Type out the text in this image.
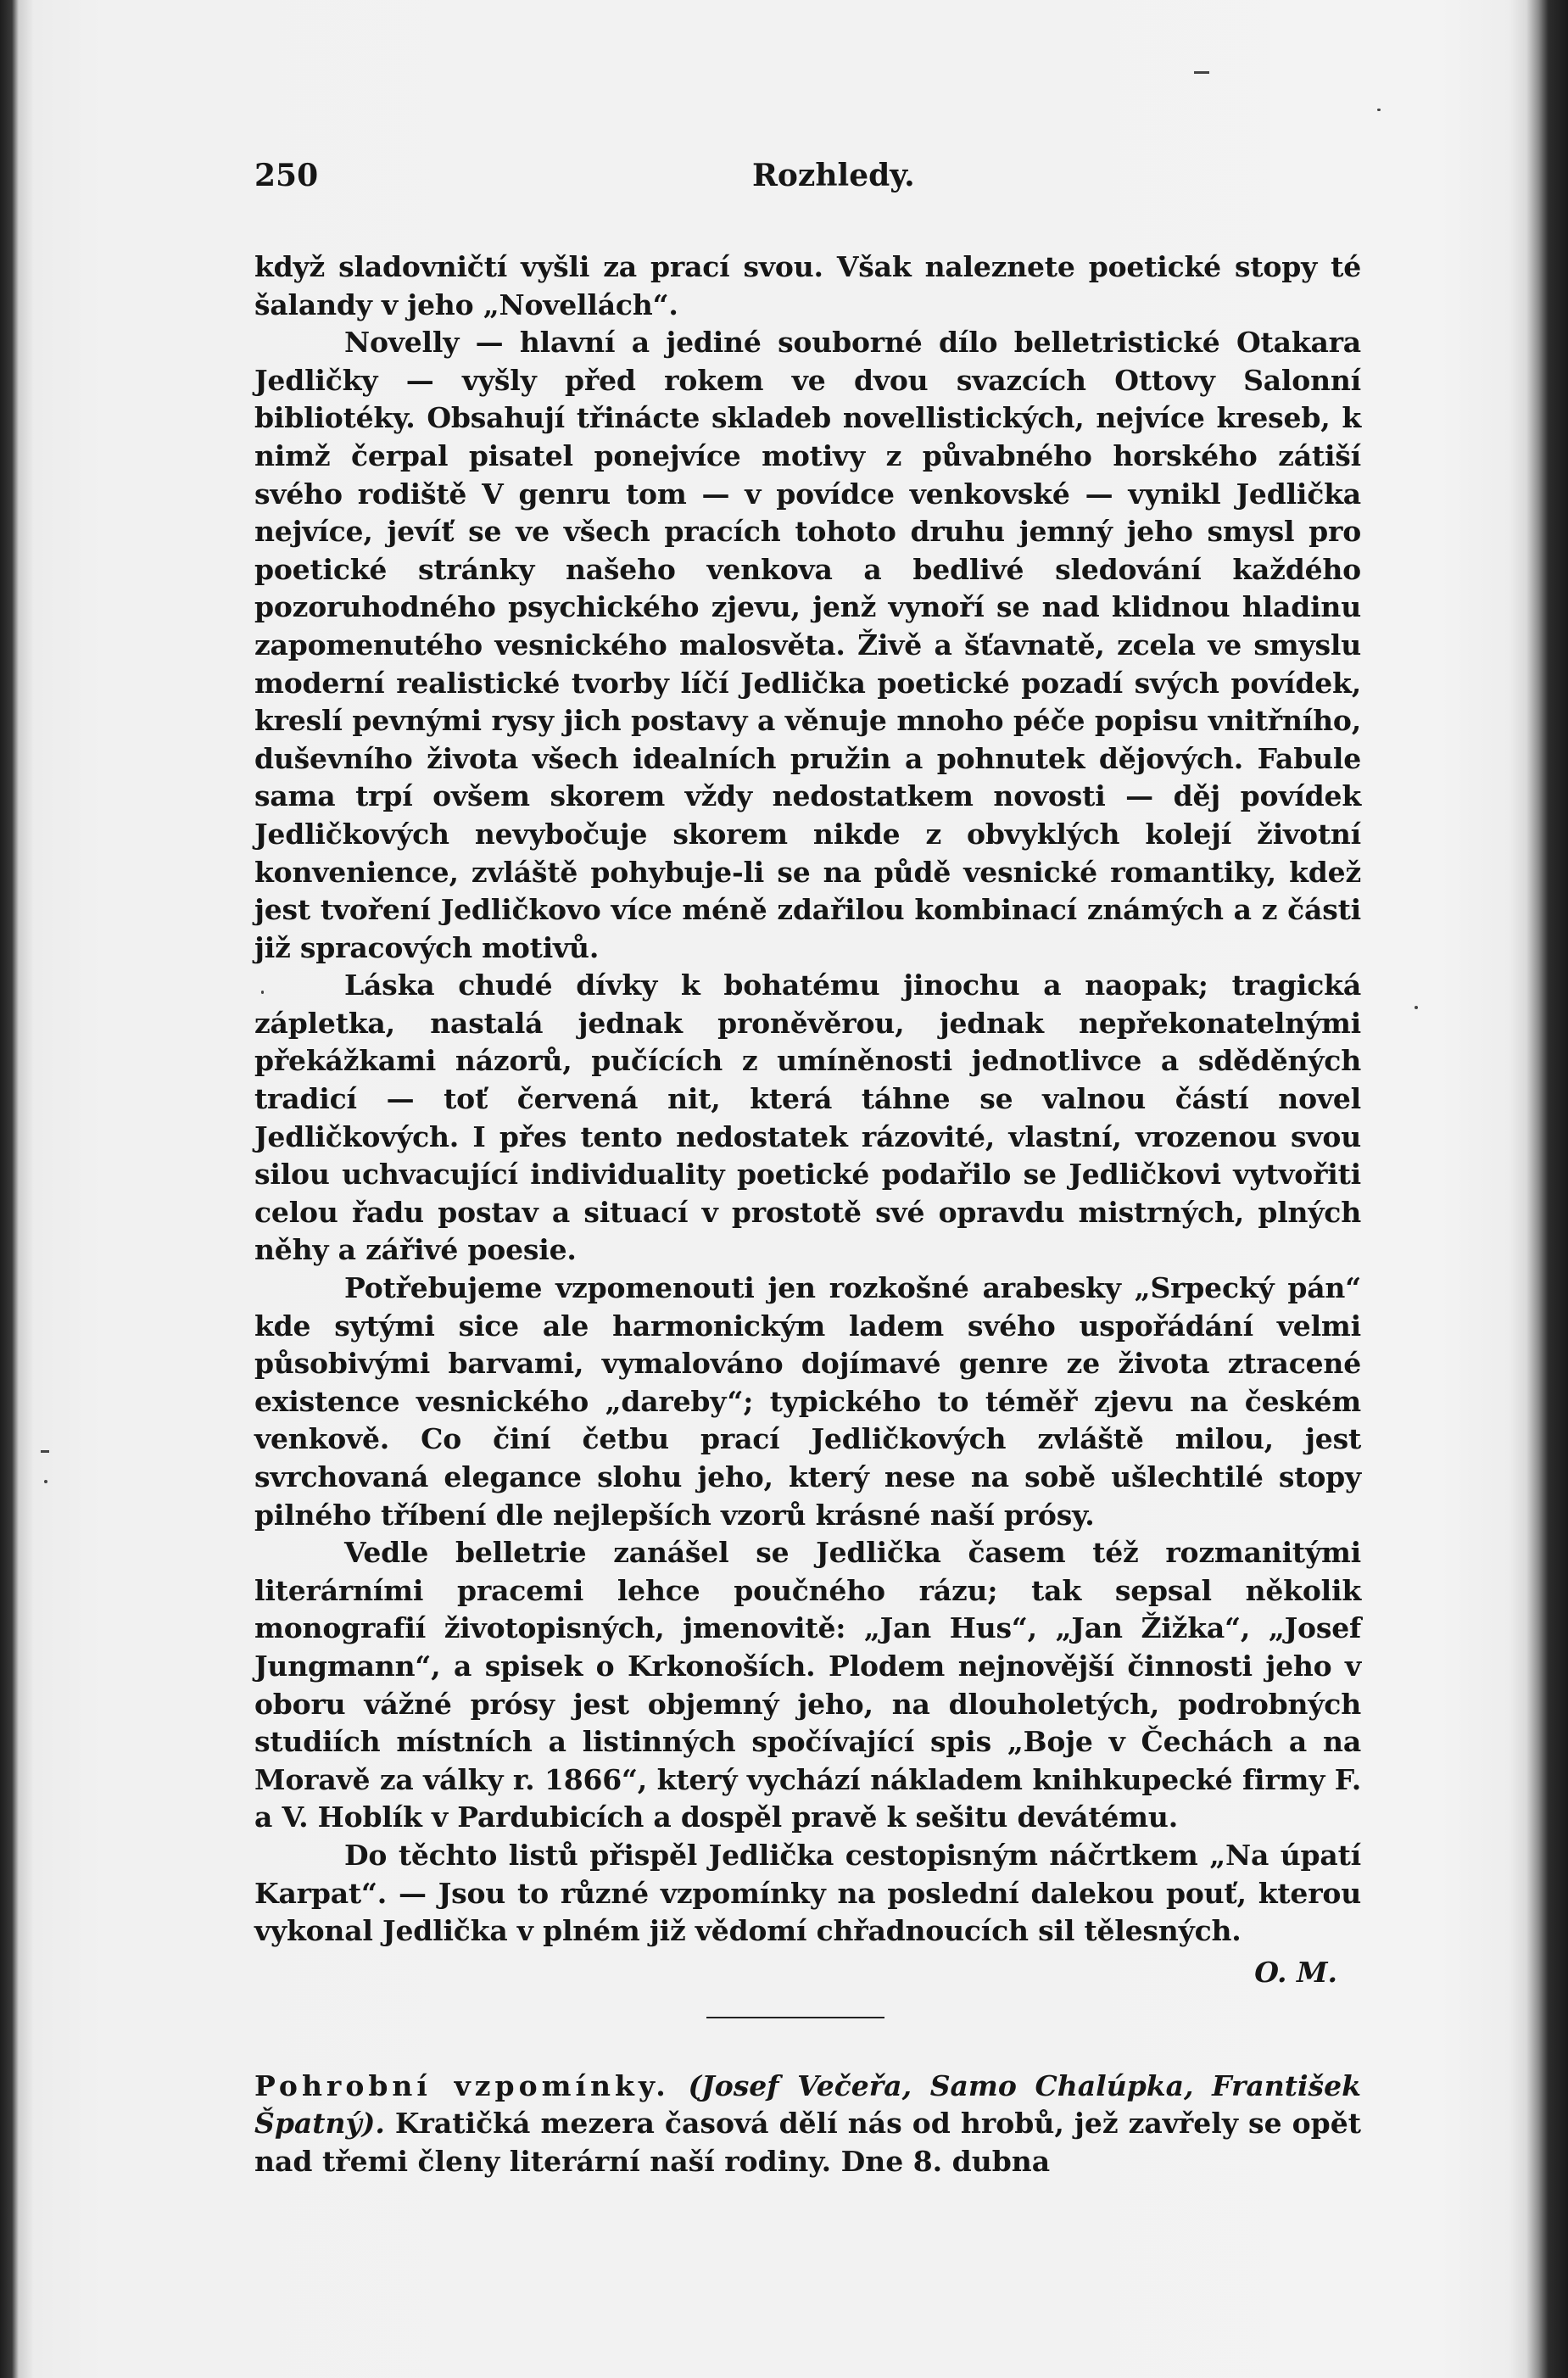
250	Rozhledy.

když sladovničtí vyšli za prací svou. Však naleznete poetické stopy té šalandy v jeho „Novellách“.

Novelly — hlavní a jediné souborné dílo belletristické Otakara Jedličky — vyšly před rokem ve dvou svazcích Ottovy Salonní bibliotéky. Obsahují třináctе skladeb novellistických, nejvíce kreseb, k nimž čerpal pisatel ponejvíce motivy z půvabného horského zátiší svého rodiště V genru tom — v povídce venkovské — vynikl Jedlička nejvíce, jevíť se ve všech pracích tohoto druhu jemný jeho smysl pro poetické stránky našeho venkova a bedlivé sledování každého pozoruhodného psychického zjevu, jenž vynoří se nad klidnou hladinu zapomenutého vesnického malosvěta. Živě a šťavnatě, zcela ve smyslu moderní realistické tvorby líčí Jedlička poetické pozadí svých povídek, kreslí pevnými rysy jich postavy a věnuje mnoho péče popisu vnitřního, duševního života všech idealních pružin a pohnutek dějových. Fabule sama trpí ovšem skorem vždy nedostatkem novosti — děj povídek Jedličkových nevybočuje skorem nikde z obvyklých kolejí životní konvenience, zvláště pohybuje-li se na půdě vesnické romantiky, kdež jest tvoření Jedličkovo více méně zdařilou kombinací známých a z části již spracových motivů.

Láska chudé dívky k bohatému jinochu a naopak; tragická zápletka, nastalá jednak proněvěrou, jednak nepřekonatelnými překážkami názorů, pučících z umíněnosti jednotlivce a sděděných tradicí — toť červená nit, která táhne se valnou částí novel Jedličkových. I přes tento nedostatek rázovité, vlastní, vrozenou svou silou uchvacující individuality poetické podařilo se Jedličkovi vytvořiti celou řadu postav a situací v prostotě své opravdu mistrných, plných něhy a zářivé poesie.

Potřebujeme vzpomenouti jen rozkošné arabesky „Srpecký pán“ kde sytými sice ale harmonickým ladem svého uspořádání velmi působivými barvami, vymalováno dojímavé genre ze života ztracené existence vesnického „dareby“; typického to téměř zjevu na českém venkově. Co činí četbu prací Jedličkových zvláště milou, jest svrchovaná elegance slohu jeho, který nese na sobě ušlechtilé stopy pilného tříbení dle nejlepších vzorů krásné naší prósy.

Vedle belletrie zanášel se Jedlička časem též rozmanitými literárními pracemi lehce poučného rázu; tak sepsal několik monografií životopisných, jmenovitě: „Jan Hus“, „Jan Žižka“, „Josef Jungmann“, a spisek o Krkonoších. Plodem nejnovější činnosti jeho v oboru vážné prósy jest objemný jeho, na dlouholetých, podrobných studiích místních a listinných spočívající spis „Boje v Čechách a na Moravě za války r. 1866“, který vychází nákladem knihkupecké firmy F. a V. Hoblík v Pardubicích a dospěl pravě k sešitu devátému.

Do těchto listů přispěl Jedlička cestopisným náčrtkem „Na úpatí Karpat“. — Jsou to různé vzpomínky na poslední dalekou pouť, kterou vykonal Jedlička v plném již vědomí chřadnoucích sil tělesných.

O. M.
Pohrobní vzpomínky. (Josef Večeřa, Samo Chalúpka, František Špatný). Kratičká mezera časová dělí nás od hrobů, jež zavřely se opět nad třemi členy literární naší rodiny. Dne 8. dubna
